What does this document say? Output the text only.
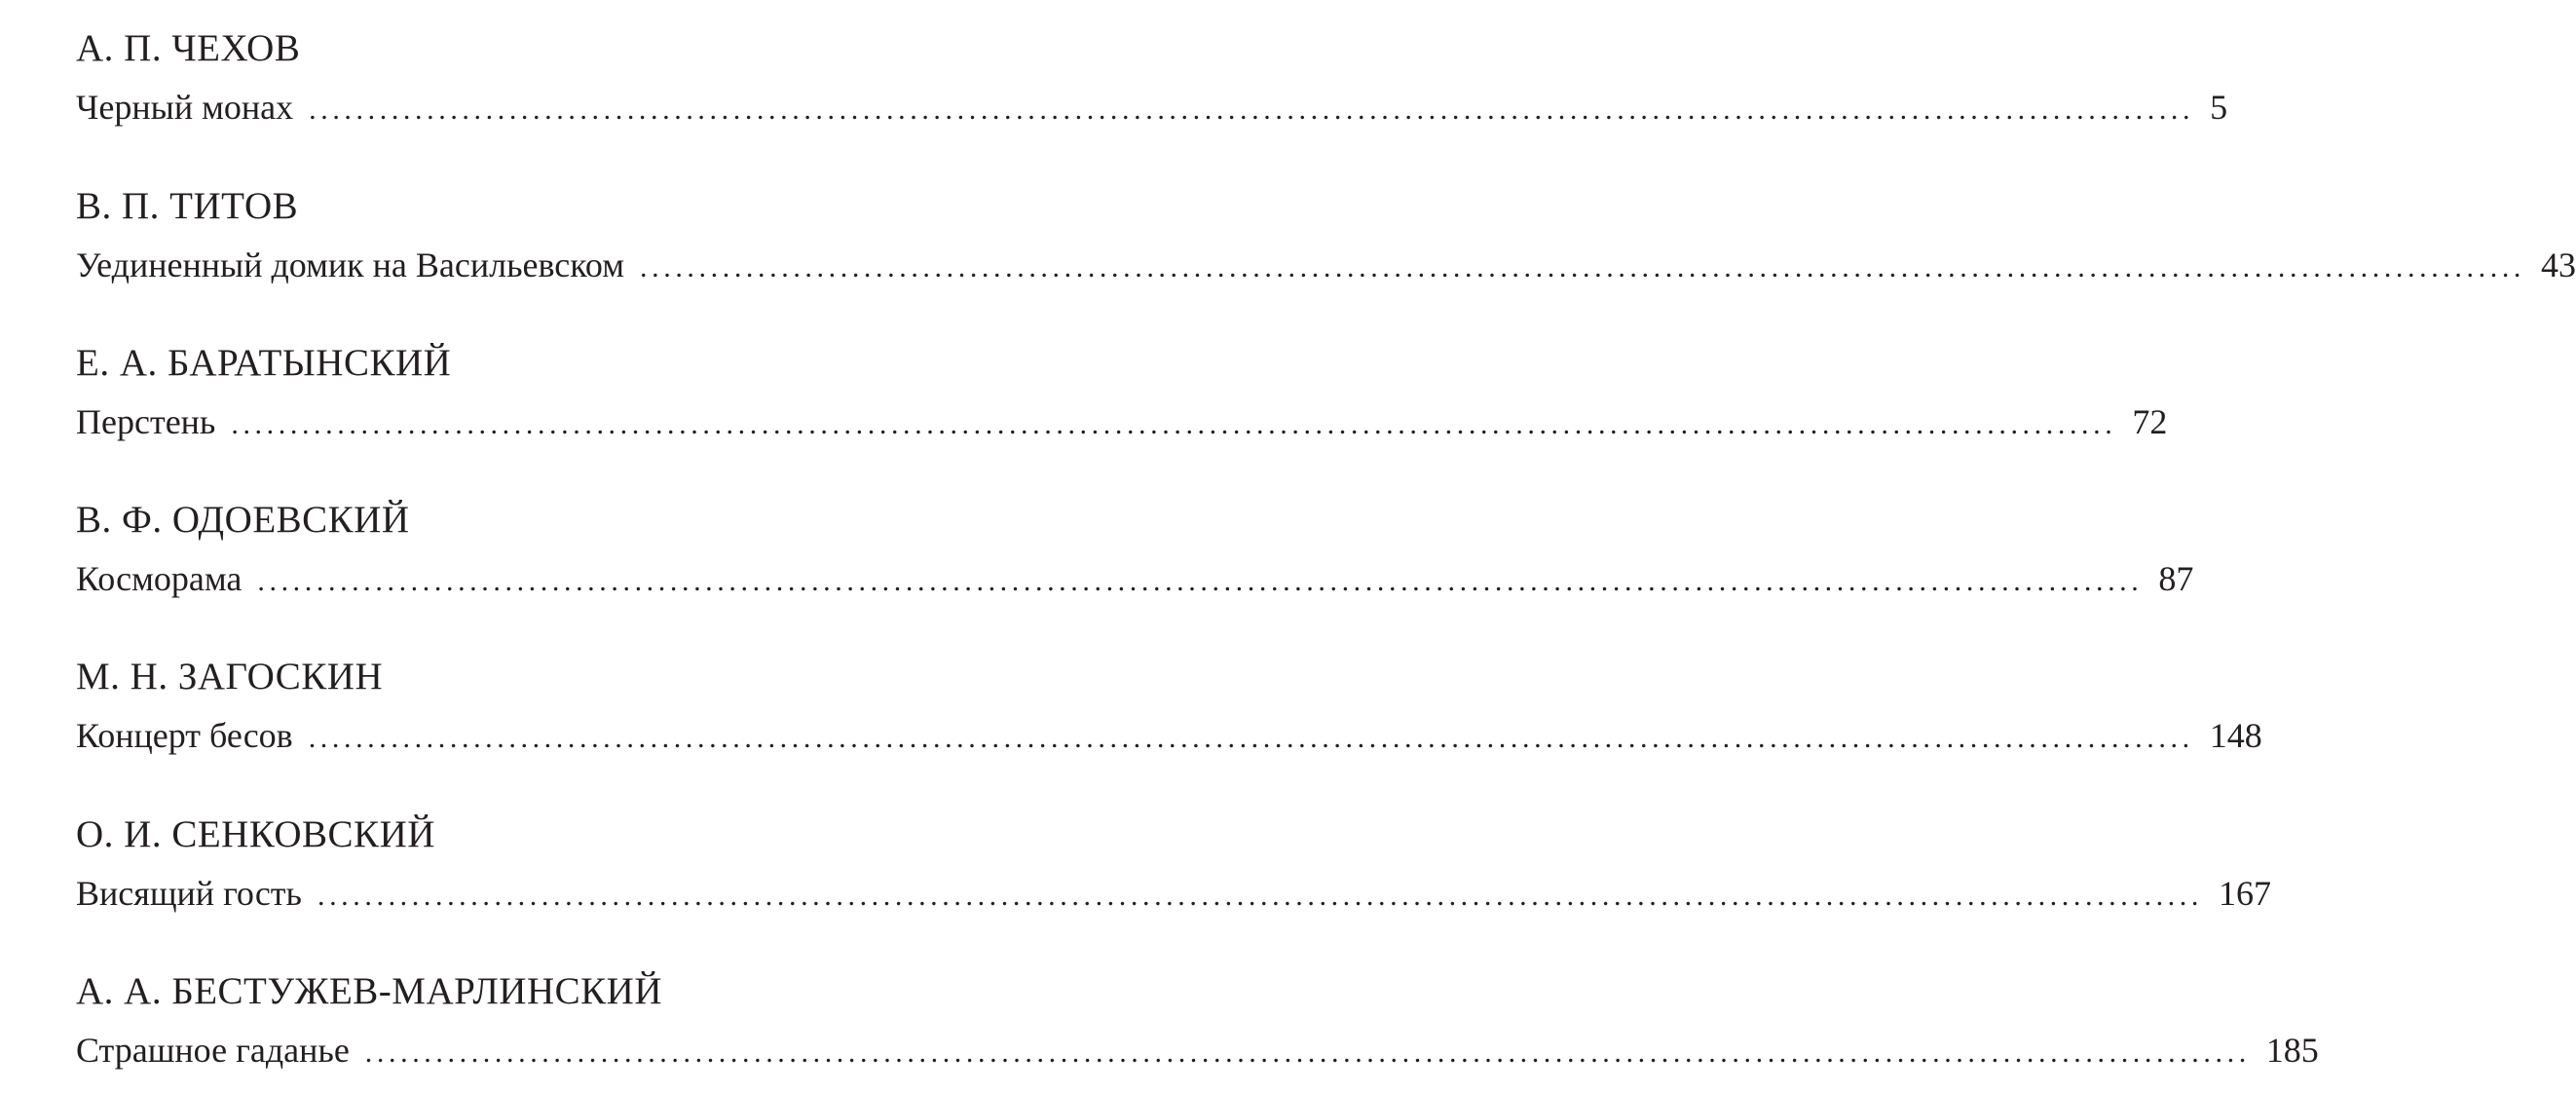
А. П. ЧЕХОВ
Черный монах ................................................................................................................................................................ 5
В. П. ТИТОВ
Уединенный домик на Васильевском ................................................................................................................................................................ 43
Е. А. БАРАТЫНСКИЙ
Перстень ................................................................................................................................................................ 72
В. Ф. ОДОЕВСКИЙ
Косморама ................................................................................................................................................................ 87
М. Н. ЗАГОСКИН
Концерт бесов ................................................................................................................................................................ 148
О. И. СЕНКОВСКИЙ
Висящий гость ................................................................................................................................................................ 167
А. А. БЕСТУЖЕВ-МАРЛИНСКИЙ
Страшное гаданье ................................................................................................................................................................ 185
